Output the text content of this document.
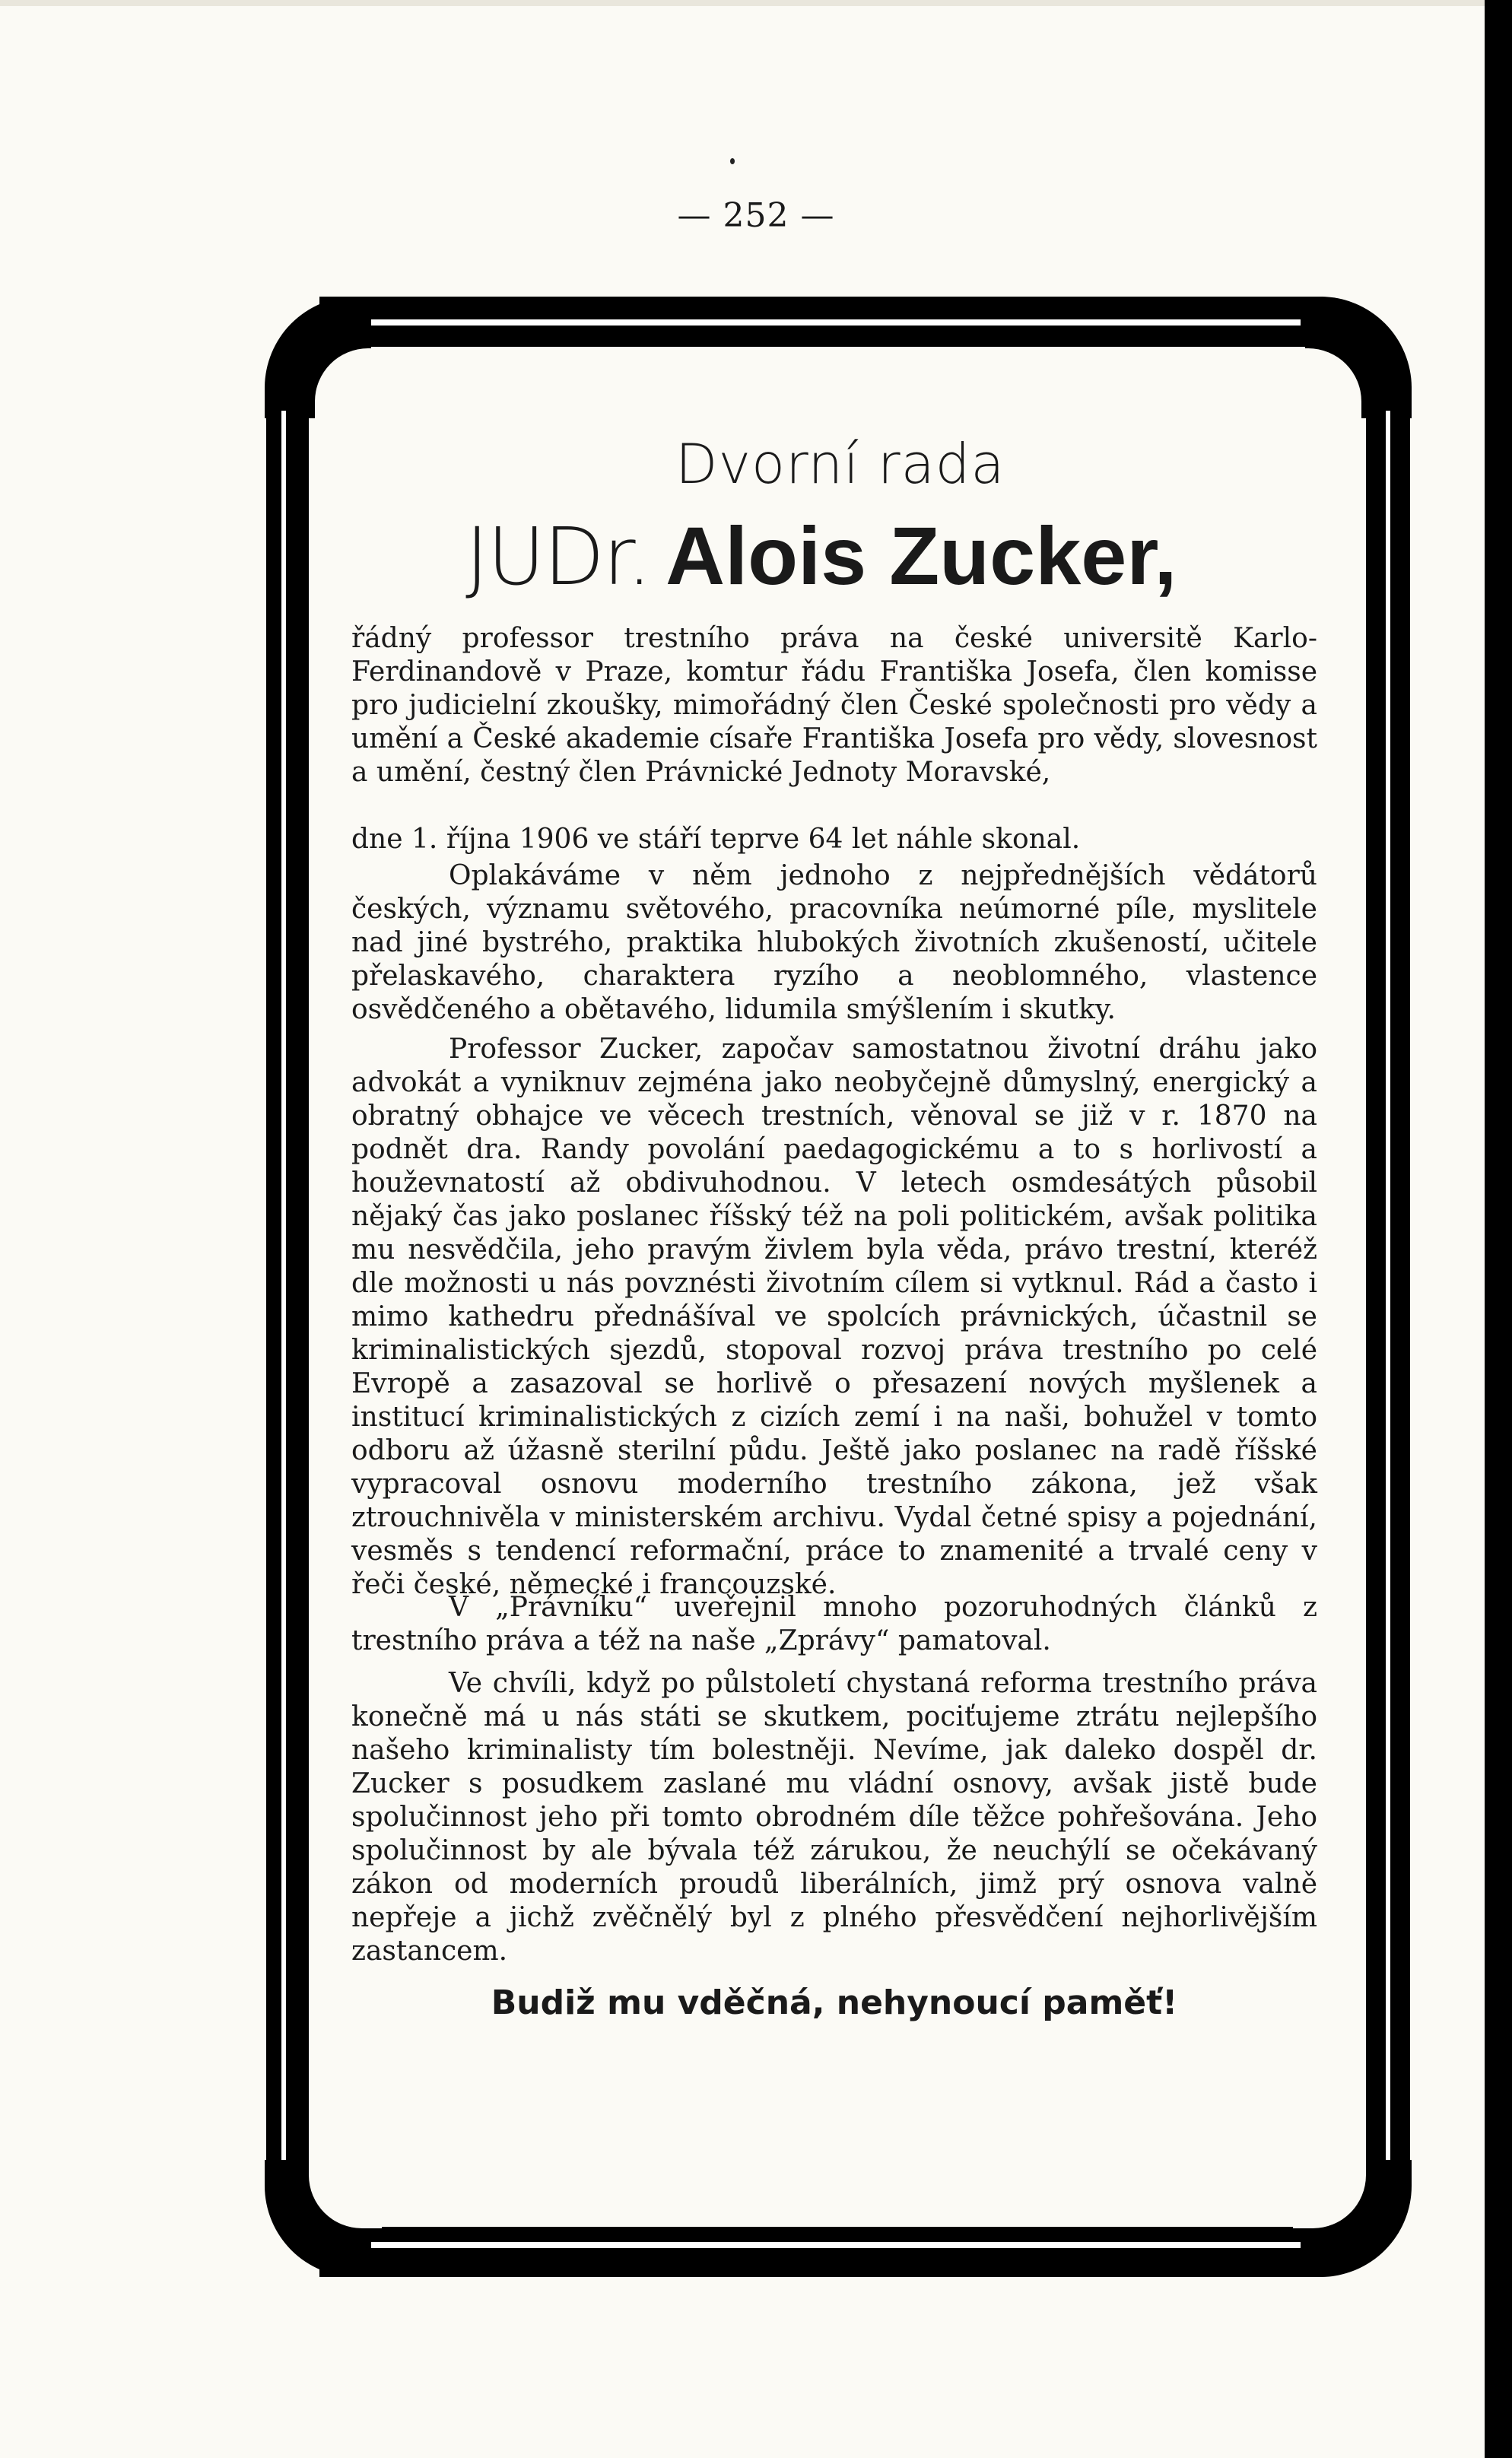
— 252 —
Dvorní rada
JUDr. Alois Zucker,
řádný professor trestního práva na české universitě Karlo-Ferdinandově v Praze, komtur řádu Františka Josefa, člen komisse pro judicielní zkoušky, mimořádný člen České společnosti pro vědy a umění a České akademie císaře Františka Josefa pro vědy, slovesnost a umění, čestný člen Právnické Jednoty Moravské,
dne 1. října 1906 ve stáří teprve 64 let náhle skonal.
Oplakáváme v něm jednoho z nejpřednějších vědátorů českých, významu světového, pracovníka neúmorné píle, myslitele nad jiné bystrého, praktika hlubokých životních zkušeností, učitele přelaskavého, charaktera ryzího a neoblomného, vlastence osvědčeného a obětavého, lidumila smýšlením i skutky.
Professor Zucker, započav samostatnou životní dráhu jako advokát a vyniknuv zejména jako neobyčejně důmyslný, energický a obratný obhajce ve věcech trestních, věnoval se již v r. 1870 na podnět dra. Randy povolání paedagogickému a to s horlivostí a houževnatostí až obdivuhodnou. V letech osmdesátých působil nějaký čas jako poslanec říšský též na poli politickém, avšak politika mu nesvědčila, jeho pravým živlem byla věda, právo trestní, kteréž dle možnosti u nás povznésti životním cílem si vytknul. Rád a často i mimo kathedru přednášíval ve spolcích právnických, účastnil se kriminalistických sjezdů, stopoval rozvoj práva trestního po celé Evropě a zasazoval se horlivě o přesazení nových myšlenek a institucí kriminalistických z cizích zemí i na naši, bohužel v tomto odboru až úžasně sterilní půdu. Ještě jako poslanec na radě říšské vypracoval osnovu moderního trestního zákona, jež však ztrouchnivěla v ministerském archivu. Vydal četné spisy a pojednání, vesměs s tendencí reformační, práce to znamenité a trvalé ceny v řeči české, německé i francouzské.
V „Právníku“ uveřejnil mnoho pozoruhodných článků z trestního práva a též na naše „Zprávy“ pamatoval.
Ve chvíli, když po půlstoletí chystaná reforma trestního práva konečně má u nás státi se skutkem, pociťujeme ztrátu nejlepšího našeho kriminalisty tím bolestněji. Nevíme, jak daleko dospěl dr. Zucker s posudkem zaslané mu vládní osnovy, avšak jistě bude spolučinnost jeho při tomto obrodném díle těžce pohřešována. Jeho spolučinnost by ale bývala též zárukou, že neuchýlí se očekávaný zákon od moderních proudů liberálních, jimž prý osnova valně nepřeje a jichž zvěčnělý byl z plného přesvědčení nejhorlivějším zastancem.
Budiž mu vděčná, nehynoucí paměť!
